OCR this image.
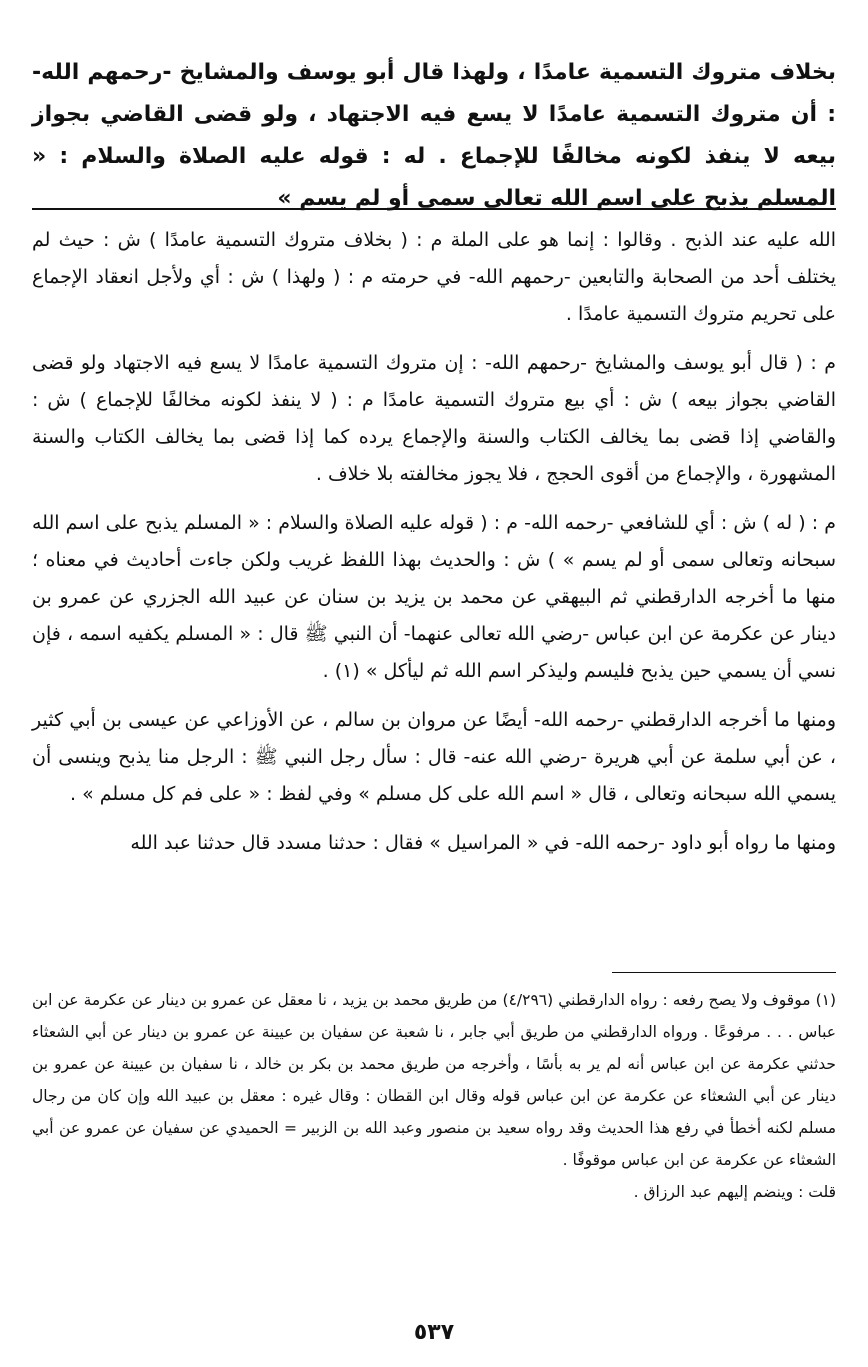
بخلاف متروك التسمية عامدًا ، ولهذا قال أبو يوسف والمشايخ -رحمهم الله- : أن متروك التسمية عامدًا لا يسع فيه الاجتهاد ، ولو قضى القاضي بجواز بيعه لا ينفذ لكونه مخالفًا للإجماع . له : قوله عليه الصلاة والسلام : « المسلم يذبح على اسم الله تعالى سمى أو لم يسم »

الله عليه عند الذبح . وقالوا : إنما هو على الملة م : ( بخلاف متروك التسمية عامدًا ) ش : حيث لم يختلف أحد من الصحابة والتابعين -رحمهم الله- في حرمته م : ( ولهذا ) ش : أي ولأجل انعقاد الإجماع على تحريم متروك التسمية عامدًا .

م : ( قال أبو يوسف والمشايخ -رحمهم الله- : إن متروك التسمية عامدًا لا يسع فيه الاجتهاد ولو قضى القاضي بجواز بيعه ) ش : أي بيع متروك التسمية عامدًا م : ( لا ينفذ لكونه مخالفًا للإجماع ) ش : والقاضي إذا قضى بما يخالف الكتاب والسنة والإجماع يرده كما إذا قضى بما يخالف الكتاب والسنة المشهورة ، والإجماع من أقوى الحجج ، فلا يجوز مخالفته بلا خلاف .

م : ( له ) ش : أي للشافعي -رحمه الله- م : ( قوله عليه الصلاة والسلام : « المسلم يذبح على اسم الله سبحانه وتعالى سمى أو لم يسم » ) ش : والحديث بهذا اللفظ غريب ولكن جاءت أحاديث في معناه ؛ منها ما أخرجه الدارقطني ثم البيهقي عن محمد بن يزيد بن سنان عن عبيد الله الجزري عن عمرو بن دينار عن عكرمة عن ابن عباس -رضي الله تعالى عنهما- أن النبي ﷺ قال : « المسلم يكفيه اسمه ، فإن نسي أن يسمي حين يذبح فليسم وليذكر اسم الله ثم ليأكل » (١) .

ومنها ما أخرجه الدارقطني -رحمه الله- أيضًا عن مروان بن سالم ، عن الأوزاعي عن عيسى بن أبي كثير ، عن أبي سلمة عن أبي هريرة -رضي الله عنه- قال : سأل رجل النبي ﷺ : الرجل منا يذبح وينسى أن يسمي الله سبحانه وتعالى ، قال « اسم الله على كل مسلم » وفي لفظ : « على فم كل مسلم » .

ومنها ما رواه أبو داود -رحمه الله- في « المراسيل » فقال : حدثنا مسدد قال حدثنا عبد الله

(١) موقوف ولا يصح رفعه : رواه الدارقطني (٤/٢٩٦) من طريق محمد بن يزيد ، نا معقل عن عمرو بن دينار عن عكرمة عن ابن عباس . . . مرفوعًا . ورواه الدارقطني من طريق أبي جابر ، نا شعبة عن سفيان بن عيينة عن عمرو بن دينار عن أبي الشعثاء حدثني عكرمة عن ابن عباس أنه لم ير به بأسًا ، وأخرجه من طريق محمد بن بكر بن خالد ، نا سفيان بن عيينة عن عمرو بن دينار عن أبي الشعثاء عن عكرمة عن ابن عباس قوله وقال ابن القطان : وقال غيره : معقل بن عبيد الله وإن كان من رجال مسلم لكنه أخطأ في رفع هذا الحديث وقد رواه سعيد بن منصور وعبد الله بن الزبير = الحميدي عن سفيان عن عمرو عن أبي الشعثاء عن عكرمة عن ابن عباس موقوفًا .

قلت : وينضم إليهم عبد الرزاق .

٥٣٧
